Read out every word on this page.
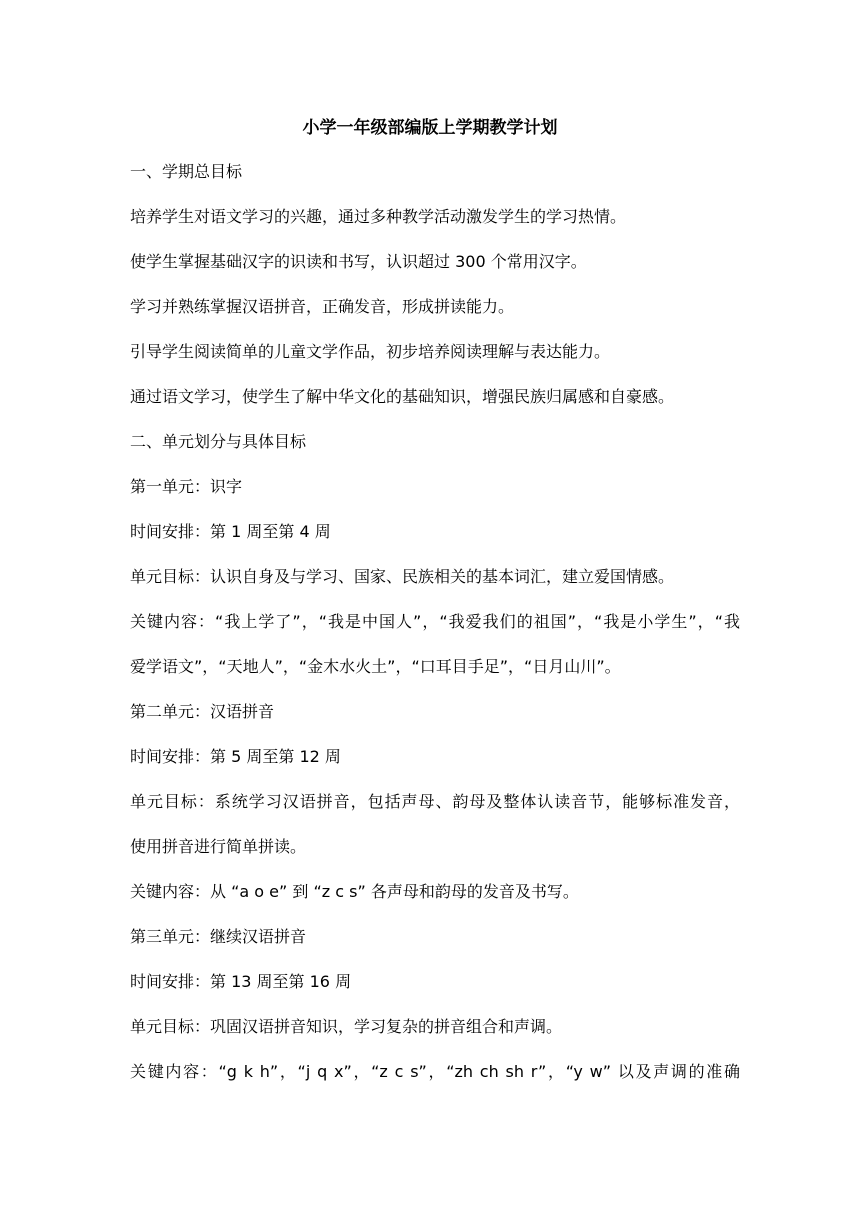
小学一年级部编版上学期教学计划
一、学期总目标
培养学生对语文学习的兴趣，通过多种教学活动激发学生的学习热情。
使学生掌握基础汉字的识读和书写，认识超过 300 个常用汉字。
学习并熟练掌握汉语拼音，正确发音，形成拼读能力。
引导学生阅读简单的儿童文学作品，初步培养阅读理解与表达能力。
通过语文学习，使学生了解中华文化的基础知识，增强民族归属感和自豪感。
二、单元划分与具体目标
第一单元：识字
时间安排：第 1 周至第 4 周
单元目标：认识自身及与学习、国家、民族相关的基本词汇，建立爱国情感。
关键内容：“我上学了”，“我是中国人”，“我爱我们的祖国”，“我是小学生”，“我
爱学语文”，“天地人”，“金木水火土”，“口耳目手足”，“日月山川”。
第二单元：汉语拼音
时间安排：第 5 周至第 12 周
单元目标：系统学习汉语拼音，包括声母、韵母及整体认读音节，能够标准发音，
使用拼音进行简单拼读。
关键内容：从 “a o e” 到 “z c s” 各声母和韵母的发音及书写。
第三单元：继续汉语拼音
时间安排：第 13 周至第 16 周
单元目标：巩固汉语拼音知识，学习复杂的拼音组合和声调。
关键内容：“g k h”，“j q x”，“z c s”，“zh ch sh r”，“y w” 以及声调的准确
